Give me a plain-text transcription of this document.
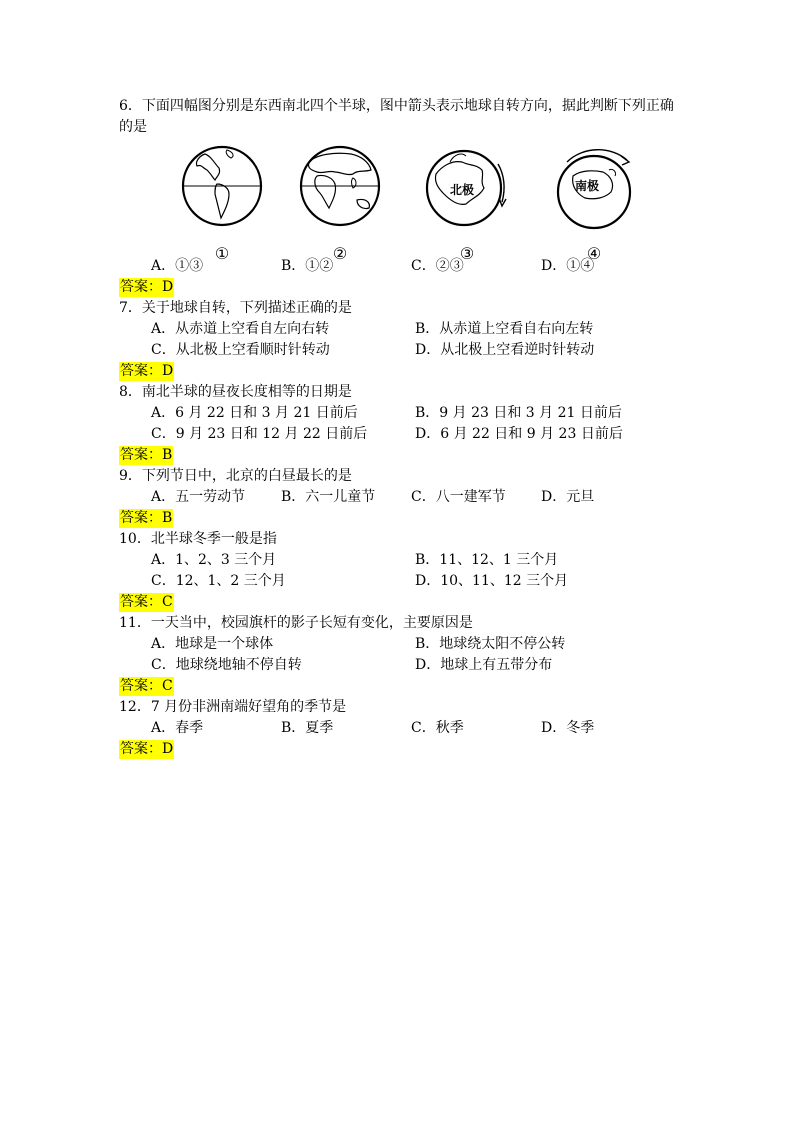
6．下面四幅图分别是东西南北四个半球，图中箭头表示地球自转方向，据此判断下列正确
的是

①	②
北极
③
南极
④
A．①③	B．①②	C．②③	D．①④
答案：D

7．关于地球自转，下列描述正确的是

A．从赤道上空看自左向右转	B．从赤道上空看自右向左转
C．从北极上空看顺时针转动	D．从北极上空看逆时针转动
答案：D

8．南北半球的昼夜长度相等的日期是

A．6 月 22 日和 3 月 21 日前后	B．9 月 23 日和 3 月 21 日前后
C．9 月 23 日和 12 月 22 日前后	D．6 月 22 日和 9 月 23 日前后
答案：B

9．下列节日中，北京的白昼最长的是

A．五一劳动节	B．六一儿童节	C．八一建军节	D．元旦
答案：B

10．北半球冬季一般是指

A．1、2、3 三个月	B．11、12、1 三个月
C．12、1、2 三个月	D．10、11、12 三个月
答案：C

11．一天当中，校园旗杆的影子长短有变化，主要原因是

A．地球是一个球体	B．地球绕太阳不停公转
C．地球绕地轴不停自转	D．地球上有五带分布
答案：C

12．7 月份非洲南端好望角的季节是

A．春季	B．夏季	C．秋季	D．冬季
答案：D
